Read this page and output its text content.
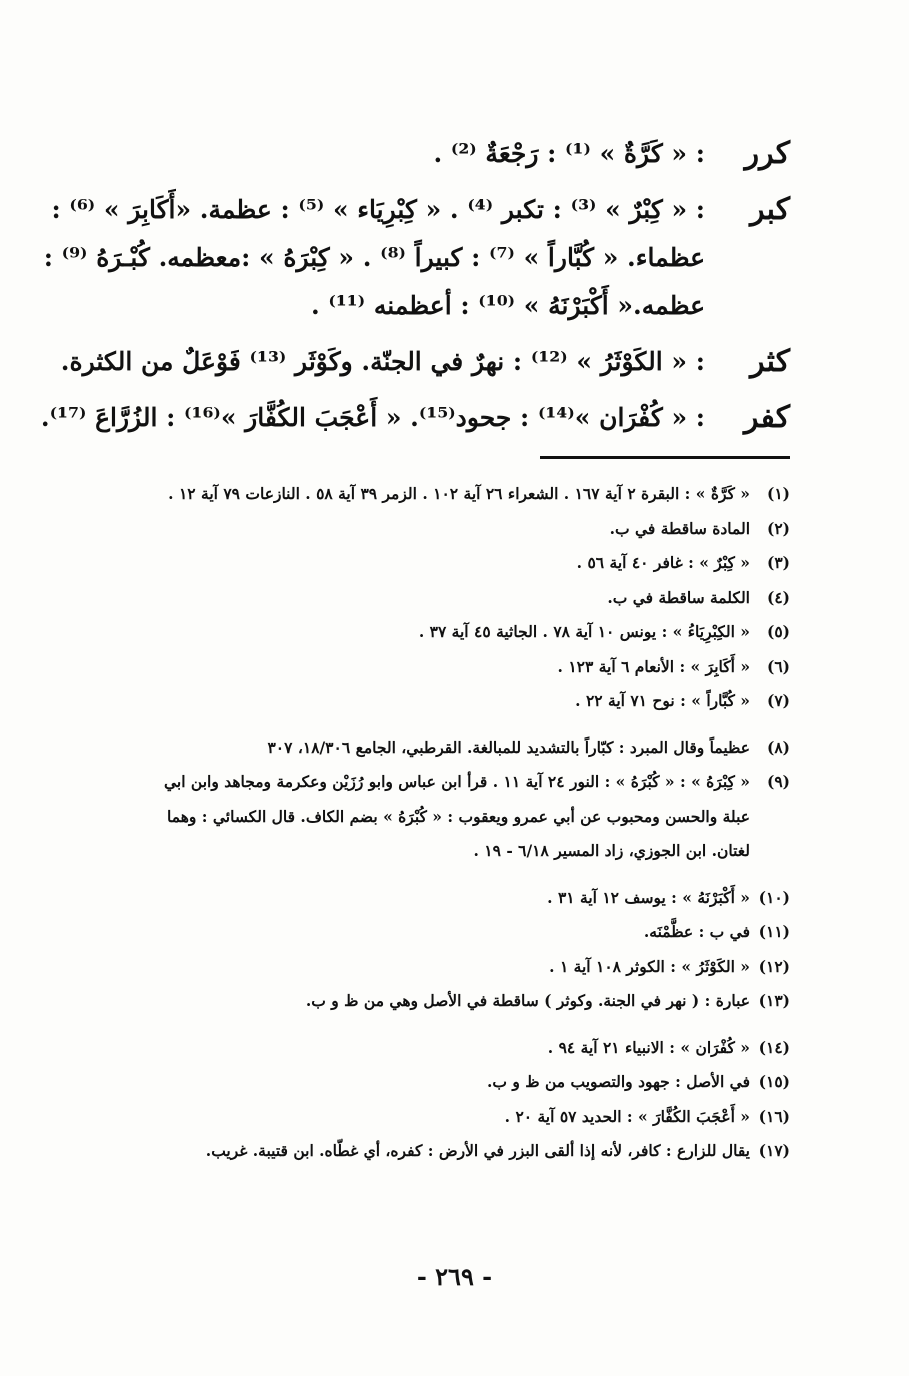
كرر
: « كَرَّةٌ » ⁽¹⁾ : رَجْعَةٌ ⁽²⁾ .
كبر
: « كِبْرٌ » ⁽³⁾ : تكبر ⁽⁴⁾ . « كِبْرِيَاء » ⁽⁵⁾ : عظمة. «أَكَابِرَ » ⁽⁶⁾ :
عظماء. « كُبَّاراً » ⁽⁷⁾ : كبيراً ⁽⁸⁾ . « كِبْرَهُ » :معظمه. كُبْـرَهُ ⁽⁹⁾ :
عظمه.« أَكْبَرْنَهُ » ⁽¹⁰⁾ : أعظمنه ⁽¹¹⁾ .
كثر
: « الكَوْثَرُ » ⁽¹²⁾ : نهرٌ في الجنّة. وكَوْثَر ⁽¹³⁾ فَوْعَلٌ من الكثرة.
كفر
: « كُفْرَان »⁽¹⁴⁾ : جحود⁽¹⁵⁾. « أَعْجَبَ الكُفَّارَ »⁽¹⁶⁾ : الزُرَّاعَ ⁽¹⁷⁾.
(١)
« كَرَّةٌ » : البقرة ٢ آية ١٦٧ . الشعراء ٢٦ آية ١٠٢ . الزمر ٣٩ آية ٥٨ . النازعات ٧٩ آية ١٢ .
(٢)
المادة ساقطة في ب.
(٣)
« كِبْرٌ » : غافر ٤٠ آية ٥٦ .
(٤)
الكلمة ساقطة في ب.
(٥)
« الكِبْرِيَاءُ » : يونس ١٠ آية ٧٨ . الجاثية ٤٥ آية ٣٧ .
(٦)
« أَكَابِرَ » : الأنعام ٦ آية ١٢٣ .
(٧)
« كُبَّاراً » : نوح ٧١ آية ٢٢ .
(٨)
عظيماً وقال المبرد : كبّاراً بالتشديد للمبالغة. القرطبي، الجامع ١٨/٣٠٦، ٣٠٧
(٩)
« كِبْرَهُ » : « كُبْرَهُ » : النور ٢٤ آية ١١ . قرأ ابن عباس وابو رُزَيْن وعكرمة ومجاهد وابن ابي
عبلة والحسن ومحبوب عن أبي عمرو ويعقوب : « كُبْرَهُ » بضم الكاف. قال الكسائي : وهما
لغتان. ابن الجوزي، زاد المسير ٦/١٨ - ١٩ .
(١٠)
« أَكْبَرْنَهُ » : يوسف ١٢ آية ٣١ .
(١١)
في ب : عظَّمْنَه.
(١٢)
« الكَوْثَرُ » : الكوثر ١٠٨ آية ١ .
(١٣)
عبارة : ( نهر في الجنة. وكوثر ) ساقطة في الأصل وهي من ظ و ب.
(١٤)
« كُفْرَان » : الانبياء ٢١ آية ٩٤ .
(١٥)
في الأصل : جهود والتصويب من ظ و ب.
(١٦)
« أَعْجَبَ الكُفَّارَ » : الحديد ٥٧ آية ٢٠ .
(١٧)
يقال للزارع : كافر، لأنه إذا ألقى البزر في الأرض : كفره، أي غطّاه. ابن قتيبة. غريب.
- ٢٦٩ -
